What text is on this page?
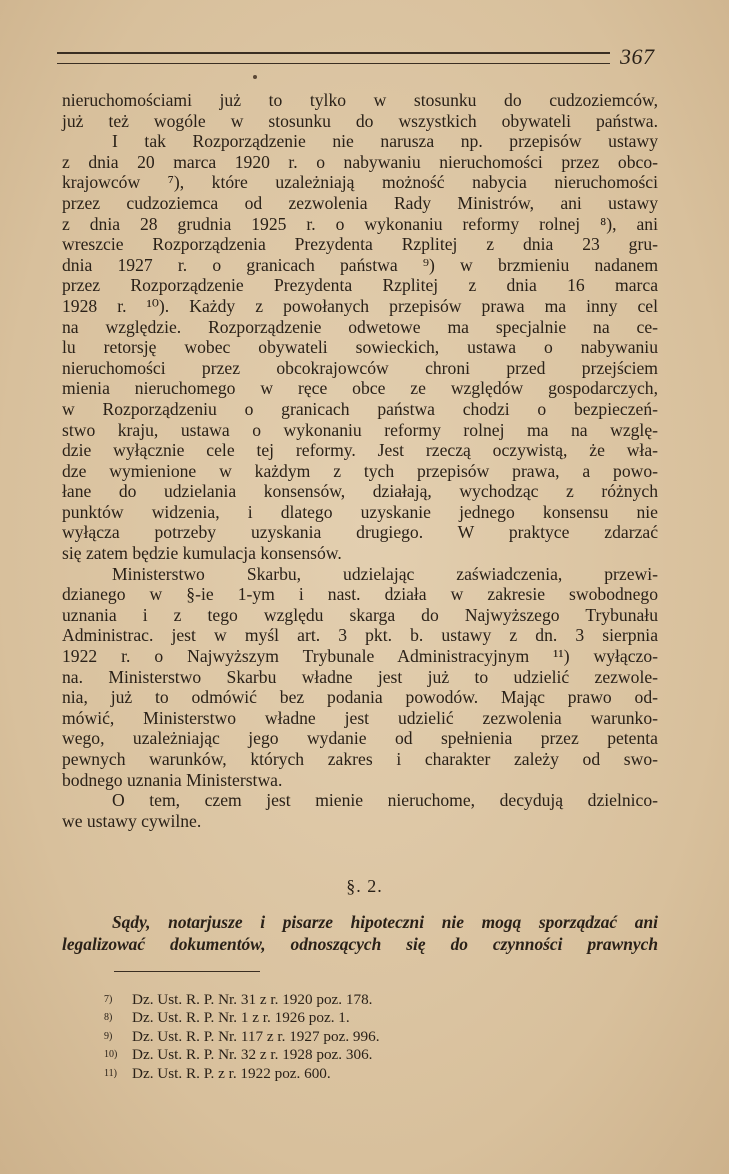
367
nieruchomościami już to tylko w stosunku do cudzoziemców,
już też wogóle w stosunku do wszystkich obywateli państwa.
I tak Rozporządzenie nie narusza np. przepisów ustawy
z dnia 20 marca 1920 r. o nabywaniu nieruchomości przez obco-
krajowców ⁷), które uzależniają możność nabycia nieruchomości
przez cudzoziemca od zezwolenia Rady Ministrów, ani ustawy
z dnia 28 grudnia 1925 r. o wykonaniu reformy rolnej ⁸), ani
wreszcie Rozporządzenia Prezydenta Rzplitej z dnia 23 gru-
dnia 1927 r. o granicach państwa ⁹) w brzmieniu nadanem
przez Rozporządzenie Prezydenta Rzplitej z dnia 16 marca
1928 r. ¹⁰). Każdy z powołanych przepisów prawa ma inny cel
na względzie. Rozporządzenie odwetowe ma specjalnie na ce-
lu retorsję wobec obywateli sowieckich, ustawa o nabywaniu
nieruchomości przez obcokrajowców chroni przed przejściem
mienia nieruchomego w ręce obce ze względów gospodarczych,
w Rozporządzeniu o granicach państwa chodzi o bezpieczeń-
stwo kraju, ustawa o wykonaniu reformy rolnej ma na wzglę-
dzie wyłącznie cele tej reformy. Jest rzeczą oczywistą, że wła-
dze wymienione w każdym z tych przepisów prawa, a powo-
łane do udzielania konsensów, działają, wychodząc z różnych
punktów widzenia, i dlatego uzyskanie jednego konsensu nie
wyłącza potrzeby uzyskania drugiego. W praktyce zdarzać
się zatem będzie kumulacja konsensów.
Ministerstwo Skarbu, udzielając zaświadczenia, przewi-
dzianego w §-ie 1-ym i nast. działa w zakresie swobodnego
uznania i z tego względu skarga do Najwyższego Trybunału
Administrac. jest w myśl art. 3 pkt. b. ustawy z dn. 3 sierpnia
1922 r. o Najwyższym Trybunale Administracyjnym ¹¹) wyłączo-
na. Ministerstwo Skarbu władne jest już to udzielić zezwole-
nia, już to odmówić bez podania powodów. Mając prawo od-
mówić, Ministerstwo władne jest udzielić zezwolenia warunko-
wego, uzależniając jego wydanie od spełnienia przez petenta
pewnych warunków, których zakres i charakter zależy od swo-
bodnego uznania Ministerstwa.
O tem, czem jest mienie nieruchome, decydują dzielnico-
we ustawy cywilne.
§. 2.
Sądy, notarjusze i pisarze hipoteczni nie mogą sporządzać ani
legalizować dokumentów, odnoszących się do czynności prawnych
7) Dz. Ust. R. P. Nr. 31 z r. 1920 poz. 178.
8) Dz. Ust. R. P. Nr. 1 z r. 1926 poz. 1.
9) Dz. Ust. R. P. Nr. 117 z r. 1927 poz. 996.
10) Dz. Ust. R. P. Nr. 32 z r. 1928 poz. 306.
11) Dz. Ust. R. P. z r. 1922 poz. 600.
